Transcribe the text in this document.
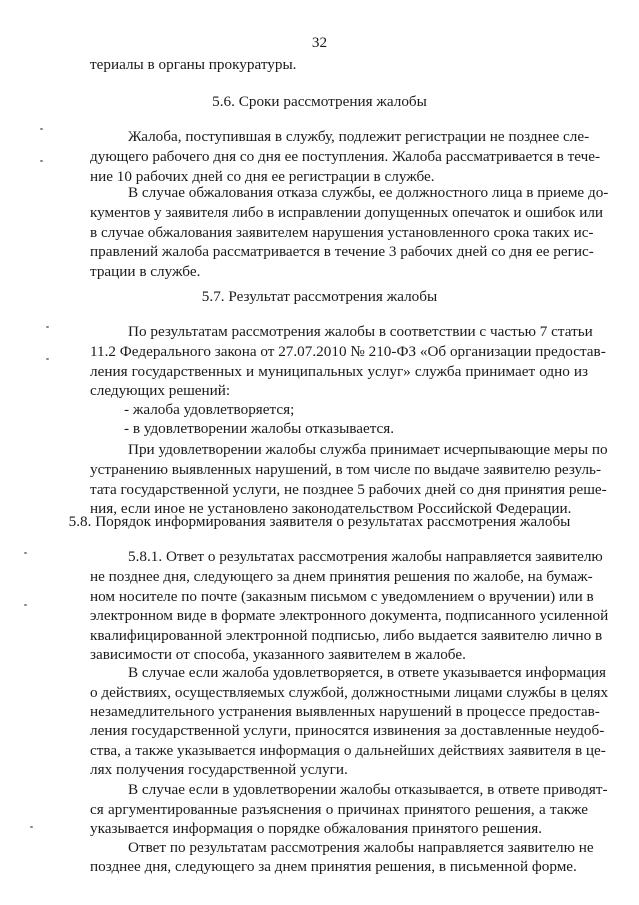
32

териалы в органы прокуратуры.

5.6. Сроки рассмотрения жалобы

Жалоба, поступившая в службу, подлежит регистрации не позднее сле-

дующего рабочего дня со дня ее поступления. Жалоба рассматривается в тече-

ние 10 рабочих дней со дня ее регистрации в службе.

В случае обжалования отказа службы, ее должностного лица в приеме до-

кументов у заявителя либо в исправлении допущенных опечаток и ошибок или

в случае обжалования заявителем нарушения установленного срока таких ис-

правлений жалоба рассматривается в течение 3 рабочих дней со дня ее регис-

трации в службе.

5.7. Результат рассмотрения жалобы

По результатам рассмотрения жалобы в соответствии с частью 7 статьи

11.2 Федерального закона от 27.07.2010 № 210-ФЗ «Об организации предостав-

ления государственных и муниципальных услуг» служба принимает одно из

следующих решений:

- жалоба удовлетворяется;

- в удовлетворении жалобы отказывается.

При удовлетворении жалобы служба принимает исчерпывающие меры по

устранению выявленных нарушений, в том числе по выдаче заявителю резуль-

тата государственной услуги, не позднее 5 рабочих дней со дня принятия реше-

ния, если иное не установлено законодательством Российской Федерации.

5.8. Порядок информирования заявителя о результатах рассмотрения жалобы

5.8.1. Ответ о результатах рассмотрения жалобы направляется заявителю

не позднее дня, следующего за днем принятия решения по жалобе, на бумаж-

ном носителе по почте (заказным письмом с уведомлением о вручении) или в

электронном виде в формате электронного документа, подписанного усиленной

квалифицированной электронной подписью, либо выдается заявителю лично в

зависимости от способа, указанного заявителем в жалобе.

В случае если жалоба удовлетворяется, в ответе указывается информация

о действиях, осуществляемых службой, должностными лицами службы в целях

незамедлительного устранения выявленных нарушений в процессе предостав-

ления государственной услуги, приносятся извинения за доставленные неудоб-

ства, а также указывается информация о дальнейших действиях заявителя в це-

лях получения государственной услуги.

В случае если в удовлетворении жалобы отказывается, в ответе приводят-

ся аргументированные разъяснения о причинах принятого решения, а также

указывается информация о порядке обжалования принятого решения.

Ответ по результатам рассмотрения жалобы направляется заявителю не

позднее дня, следующего за днем принятия решения, в письменной форме.
